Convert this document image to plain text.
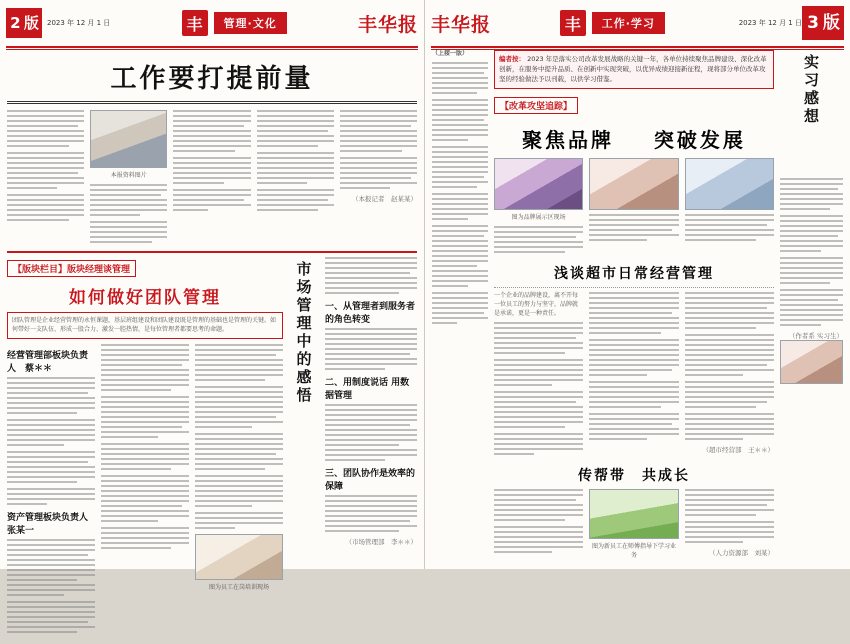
2 版	2023 年 12 月 1 日	丰	管理·文化	丰华报
工作要打提前量
本报资料图片
（本报记者　赵某某）
【版块栏目】版块经理谈管理
如何做好团队管理
团队管理是企业经营管理的永恒课题，基层班组建设和团队建设既是管理的基础也是管理的关键。如何带好一支队伍、形成一股合力、激发一腔热情，是每位管理者都要思考的命题。
经营管理部板块负责人　蔡＊＊
资产管理板块负责人　张某一
图为员工在岗培训现场
市场管理中的感悟 一、从管理者到服务者的角色转变
二、用制度说话 用数据管理
三、团队协作是效率的保障
（市场管理部　李＊＊）
丰华报	丰	工作·学习	2023 年 12 月 1 日 3 版
（上接一版）
编者按： 2023 年是落实公司改革发展战略的关键一年，各单位持续聚焦品牌建设、深化改革创新，在服务中提升品质、在创新中实现突破，以优异成绩迎接新征程，现将部分单位改革攻坚的经验做法予以刊载，以供学习借鉴。
【改革攻坚追踪】
聚焦品牌 突破发展
图为品牌展示区现场
浅谈超市日常经营管理
一个企业的品牌建设，离不开每一位员工的努力与坚守，品牌就是承诺，更是一种责任。
（超市经营部　王＊＊）
传帮带　共成长
图为新员工在师傅指导下学习业务	（人力资源部　刘某）
实习感想
（作者系 实习生）
